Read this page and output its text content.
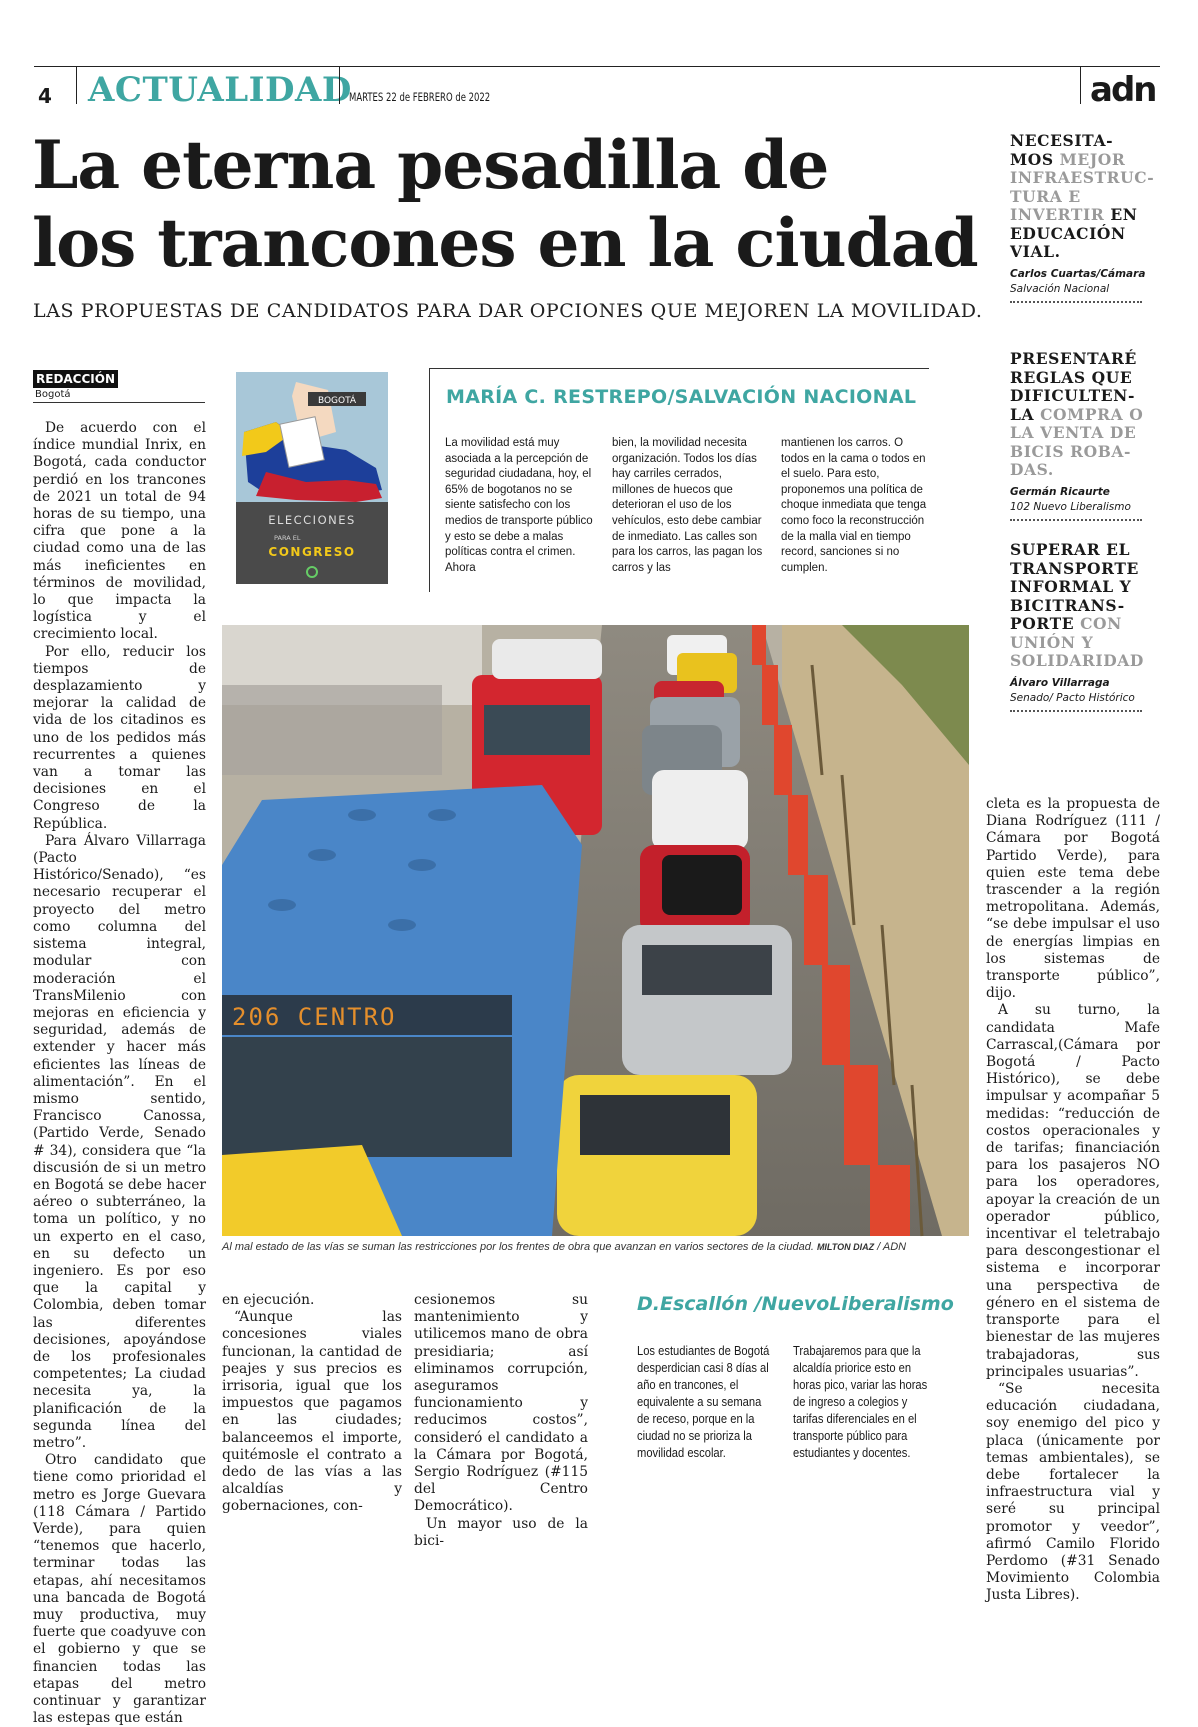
4 ACTUALIDAD
MARTES 22 de FEBRERO de 2022	adn
La eterna pesadilla de
los trancones en la ciudad
LAS PROPUESTAS DE CANDIDATOS PARA DAR OPCIONES QUE MEJOREN LA MOVILIDAD.
NECESITA-MOS MEJOR INFRAESTRUC-TURA E INVERTIR EN EDUCACIÓN VIAL.
Carlos Cuartas/Cámara
Salvación Nacional
PRESENTARÉ REGLAS QUE DIFICULTEN-LA COMPRA O LA VENTA DE BICIS ROBA-DAS.
Germán Ricaurte
102 Nuevo Liberalismo
SUPERAR EL TRANSPORTE INFORMAL Y BICITRANS-PORTE CON UNIÓN Y SOLIDARIDAD
Álvaro Villarraga
Senado/ Pacto Histórico
REDACCIÓN
Bogotá

De acuerdo con el índice mundial Inrix, en Bogotá, cada conductor perdió en los trancones de 2021 un total de 94 horas de su tiempo, una cifra que pone a la ciudad como una de las más ineficientes en términos de movilidad, lo que impacta la logística y el crecimiento local.

Por ello, reducir los tiempos de desplazamiento y mejorar la calidad de vida de los citadinos es uno de los pedidos más recurrentes a quienes van a tomar las decisiones en el Congreso de la República.

Para Álvaro Villarraga (Pacto Histórico/Senado), “es necesario recuperar el proyecto del metro como columna del sistema integral, modular con moderación el TransMilenio con mejoras en eficiencia y seguridad, además de extender y hacer más eficientes las líneas de alimentación”. En el mismo sentido, Francisco Canossa, (Partido Verde, Senado # 34), considera que “la discusión de si un metro en Bogotá se debe hacer aéreo o subterráneo, la toma un político, y no un experto en el caso, en su defecto un ingeniero. Es por eso que la capital y Colombia, deben tomar las diferentes decisiones, apoyándose de los profesionales competentes; La ciudad necesita ya, la planificación de la segunda línea del metro”.

Otro candidato que tiene como prioridad el metro es Jorge Guevara (118 Cámara / Partido Verde), para quien “tenemos que hacerlo, terminar todas las etapas, ahí necesitamos una bancada de Bogotá muy productiva, muy fuerte que coadyuve con el gobierno y que se financien todas las etapas del metro continuar y garantizar las estepas que están

BOGOTÁ
ELECCIONES
PARA EL
CONGRESO
MARÍA C. RESTREPO/SALVACIÓN NACIONAL
La movilidad está muy asociada a la percepción de seguridad ciudadana, hoy, el 65% de bogotanos no se siente satisfecho con los medios de transporte público y esto se debe a malas políticas contra el crimen. Ahora
bien, la movilidad necesita organización. Todos los días hay carriles cerrados, millones de huecos que deterioran el uso de los vehículos, esto debe cambiar de inmediato. Las calles son para los carros, las pagan los carros y las
mantienen los carros. O todos en la cama o todos en el suelo. Para esto, proponemos una política de choque inmediata que tenga como foco la reconstrucción de la malla vial en tiempo record, sanciones si no cumplen.
206 CENTRO
Al mal estado de las vías se suman las restricciones por los frentes de obra que avanzan en varios sectores de la ciudad. MILTON DIAZ / ADN

en ejecución.

“Aunque las concesiones viales funcionan, la cantidad de peajes y sus precios es irrisoria, igual que los impuestos que pagamos en las ciudades; balanceemos el importe, quitémosle el contrato a dedo de las vías a las alcaldías y gobernaciones, con-

cesionemos su mantenimiento y utilicemos mano de obra presidiaria; así eliminamos corrupción, aseguramos funcionamiento y reducimos costos”, consideró el candidato a la Cámara por Bogotá, Sergio Rodríguez (#115 del Centro Democrático).

Un mayor uso de la bici-

D.Escallón /NuevoLiberalismo
Los estudiantes de Bogotá desperdician casi 8 días al año en trancones, el equivalente a su semana de receso, porque en la ciudad no se prioriza la movilidad escolar.
Trabajaremos para que la alcaldía priorice esto en horas pico, variar las horas de ingreso a colegios y tarifas diferenciales en el transporte público para estudiantes y docentes.

cleta es la propuesta de Diana Rodríguez (111 / Cámara por Bogotá Partido Verde), para quien este tema debe trascender a la región metropolitana. Además, “se debe impulsar el uso de energías limpias en los sistemas de transporte público”, dijo.

A su turno, la candidata Mafe Carrascal,(Cámara por Bogotá / Pacto Histórico), se debe impulsar y acompañar 5 medidas: “reducción de costos operacionales y de tarifas; financiación para los pasajeros NO para los operadores, apoyar la creación de un operador público, incentivar el teletrabajo para descongestionar el sistema e incorporar una perspectiva de género en el sistema de transporte para el bienestar de las mujeres trabajadoras, sus principales usuarias”.

“Se necesita educación ciudadana, soy enemigo del pico y placa (únicamente por temas ambientales), se debe fortalecer la infraestructura vial y seré su principal promotor y veedor”, afirmó Camilo Florido Perdomo (#31 Senado Movimiento Colombia Justa Libres).
